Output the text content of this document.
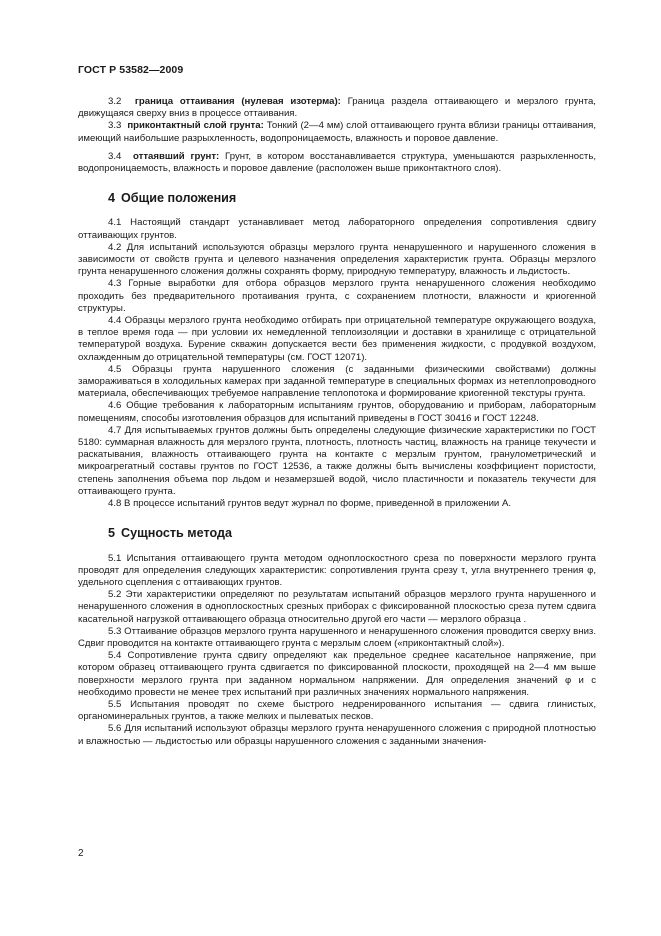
ГОСТ Р 53582—2009

3.2 граница оттаивания (нулевая изотерма): Граница раздела оттаивающего и мерзлого грунта, движущаяся сверху вниз в процессе оттаивания.

3.3 приконтактный слой грунта: Тонкий (2—4 мм) слой оттаивающего грунта вблизи границы оттаивания, имеющий наибольшие разрыхленность, водопроницаемость, влажность и поровое давление.

3.4 оттаявший грунт: Грунт, в котором восстанавливается структура, уменьшаются разрыхленность, водопроницаемость, влажность и поровое давление (расположен выше приконтактного слоя).

4 Общие положения

4.1 Настоящий стандарт устанавливает метод лабораторного определения сопротивления сдвигу оттаивающих грунтов.

4.2 Для испытаний используются образцы мерзлого грунта ненарушенного и нарушенного сложения в зависимости от свойств грунта и целевого назначения определения характеристик грунта. Образцы мерзлого грунта ненарушенного сложения должны сохранять форму, природную температуру, влажность и льдистость.

4.3 Горные выработки для отбора образцов мерзлого грунта ненарушенного сложения необходимо проходить без предварительного протаивания грунта, с сохранением плотности, влажности и криогенной структуры.

4.4 Образцы мерзлого грунта необходимо отбирать при отрицательной температуре окружающего воздуха, в теплое время года — при условии их немедленной теплоизоляции и доставки в хранилище с отрицательной температурой воздуха. Бурение скважин допускается вести без применения жидкости, с продувкой воздухом, охлажденным до отрицательной температуры (см. ГОСТ 12071).

4.5 Образцы грунта нарушенного сложения (с заданными физическими свойствами) должны замораживаться в холодильных камерах при заданной температуре в специальных формах из нетеплопроводного материала, обеспечивающих требуемое направление теплопотока и формирование криогенной текстуры грунта.

4.6 Общие требования к лабораторным испытаниям грунтов, оборудованию и приборам, лабораторным помещениям, способы изготовления образцов для испытаний приведены в ГОСТ 30416 и ГОСТ 12248.

4.7 Для испытываемых грунтов должны быть определены следующие физические характеристики по ГОСТ 5180: суммарная влажность для мерзлого грунта, плотность, плотность частиц, влажность на границе текучести и раскатывания, влажность оттаивающего грунта на контакте с мерзлым грунтом, гранулометрический и микроагрегатный составы грунтов по ГОСТ 12536, а также должны быть вычислены коэффициент пористости, степень заполнения объема пор льдом и незамерзшей водой, число пластичности и показатель текучести для оттаивающего грунта.

4.8 В процессе испытаний грунтов ведут журнал по форме, приведенной в приложении А.

5 Сущность метода

5.1 Испытания оттаивающего грунта методом одноплоскостного среза по поверхности мерзлого грунта проводят для определения следующих характеристик: сопротивления грунта срезу τ, угла внутреннего трения φ, удельного сцепления c оттаивающих грунтов.

5.2 Эти характеристики определяют по результатам испытаний образцов мерзлого грунта нарушенного и ненарушенного сложения в одноплоскостных срезных приборах с фиксированной плоскостью среза путем сдвига касательной нагрузкой оттаивающего образца относительно другой его части — мерзлого образца .

5.3 Оттаивание образцов мерзлого грунта нарушенного и ненарушенного сложения проводится сверху вниз. Сдвиг проводится на контакте оттаивающего грунта с мерзлым слоем («приконтактный слой»).

5.4 Сопротивление грунта сдвигу определяют как предельное среднее касательное напряжение, при котором образец оттаивающего грунта сдвигается по фиксированной плоскости, проходящей на 2—4 мм выше поверхности мерзлого грунта при заданном нормальном напряжении. Для определения значений φ и c необходимо провести не менее трех испытаний при различных значениях нормального напряжения.

5.5 Испытания проводят по схеме быстрого недренированного испытания — сдвига глинистых, органоминеральных грунтов, а также мелких и пылеватых песков.

5.6 Для испытаний используют образцы мерзлого грунта ненарушенного сложения с природной плотностью и влажностью — льдистостью или образцы нарушенного сложения с заданными значения-

2
